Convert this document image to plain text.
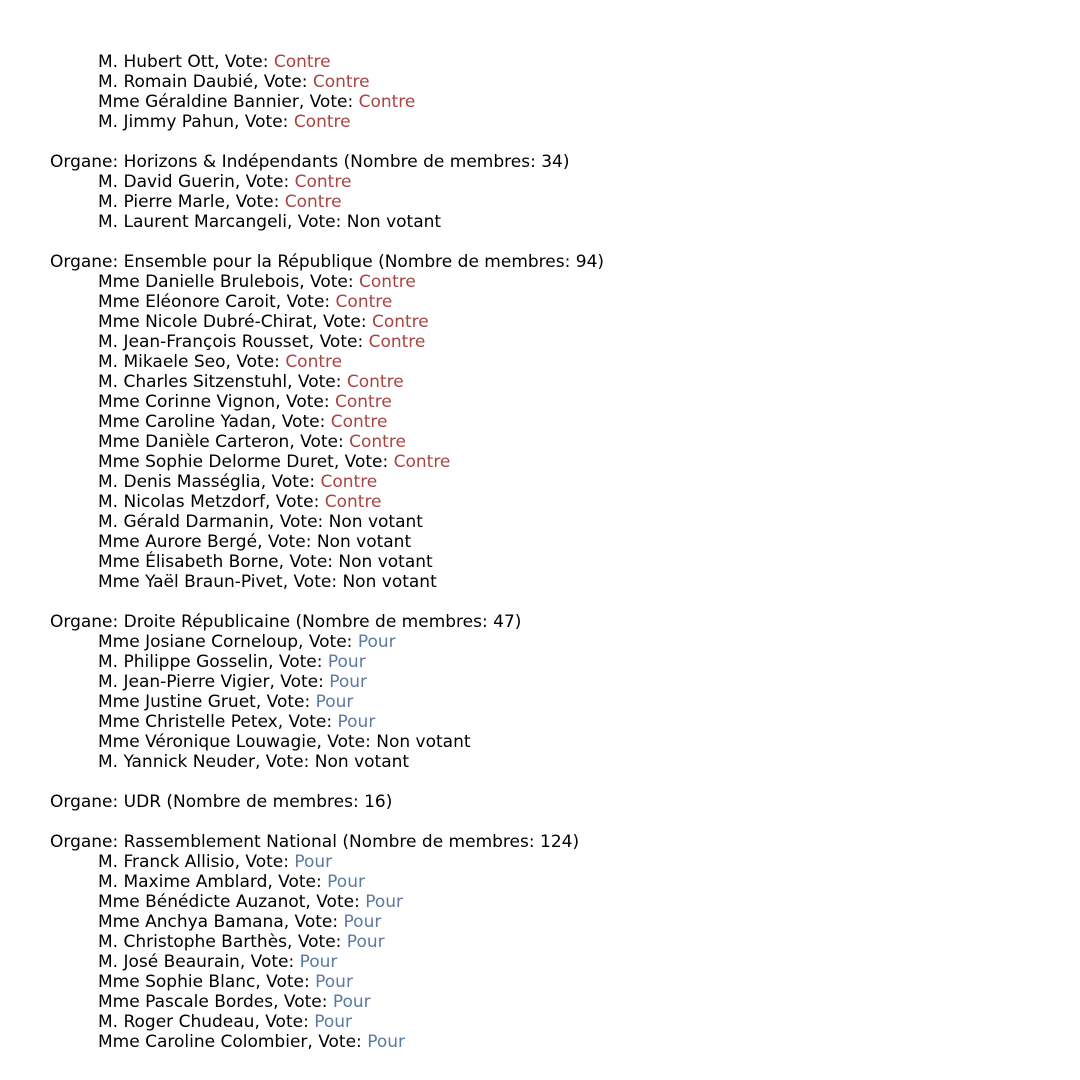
M. Hubert Ott, Vote: Contre
M. Romain Daubié, Vote: Contre
Mme Géraldine Bannier, Vote: Contre
M. Jimmy Pahun, Vote: Contre
Organe: Horizons & Indépendants (Nombre de membres: 34)
M. David Guerin, Vote: Contre
M. Pierre Marle, Vote: Contre
M. Laurent Marcangeli, Vote: Non votant
Organe: Ensemble pour la République (Nombre de membres: 94)
Mme Danielle Brulebois, Vote: Contre
Mme Eléonore Caroit, Vote: Contre
Mme Nicole Dubré-Chirat, Vote: Contre
M. Jean-François Rousset, Vote: Contre
M. Mikaele Seo, Vote: Contre
M. Charles Sitzenstuhl, Vote: Contre
Mme Corinne Vignon, Vote: Contre
Mme Caroline Yadan, Vote: Contre
Mme Danièle Carteron, Vote: Contre
Mme Sophie Delorme Duret, Vote: Contre
M. Denis Masséglia, Vote: Contre
M. Nicolas Metzdorf, Vote: Contre
M. Gérald Darmanin, Vote: Non votant
Mme Aurore Bergé, Vote: Non votant
Mme Élisabeth Borne, Vote: Non votant
Mme Yaël Braun-Pivet, Vote: Non votant
Organe: Droite Républicaine (Nombre de membres: 47)
Mme Josiane Corneloup, Vote: Pour
M. Philippe Gosselin, Vote: Pour
M. Jean-Pierre Vigier, Vote: Pour
Mme Justine Gruet, Vote: Pour
Mme Christelle Petex, Vote: Pour
Mme Véronique Louwagie, Vote: Non votant
M. Yannick Neuder, Vote: Non votant
Organe: UDR (Nombre de membres: 16)
Organe: Rassemblement National (Nombre de membres: 124)
M. Franck Allisio, Vote: Pour
M. Maxime Amblard, Vote: Pour
Mme Bénédicte Auzanot, Vote: Pour
Mme Anchya Bamana, Vote: Pour
M. Christophe Barthès, Vote: Pour
M. José Beaurain, Vote: Pour
Mme Sophie Blanc, Vote: Pour
Mme Pascale Bordes, Vote: Pour
M. Roger Chudeau, Vote: Pour
Mme Caroline Colombier, Vote: Pour
